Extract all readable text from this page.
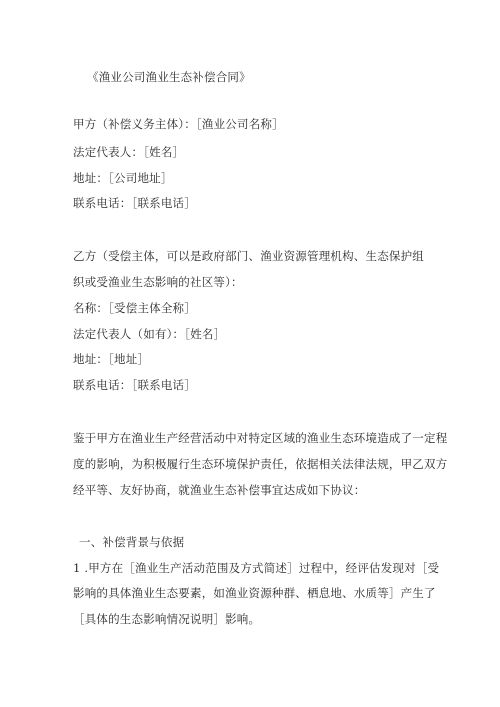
《渔业公司渔业生态补偿合同》
甲方（补偿义务主体）：［渔业公司名称］
法定代表人：［姓名］
地址：［公司地址］
联系电话：［联系电话］
乙方（受偿主体，可以是政府部门、渔业资源管理机构、生态保护组
织或受渔业生态影响的社区等）：
名称：［受偿主体全称］
法定代表人（如有）：［姓名］
地址：［地址］
联系电话：［联系电话］
鉴于甲方在渔业生产经营活动中对特定区域的渔业生态环境造成了一定程
度的影响，为积极履行生态环境保护责任，依据相关法律法规，甲乙双方
经平等、友好协商，就渔业生态补偿事宜达成如下协议：
一、补偿背景与依据
1 .甲方在［渔业生产活动范围及方式简述］过程中，经评估发现对［受
影响的具体渔业生态要素，如渔业资源种群、栖息地、水质等］产生了
［具体的生态影响情况说明］影响。
